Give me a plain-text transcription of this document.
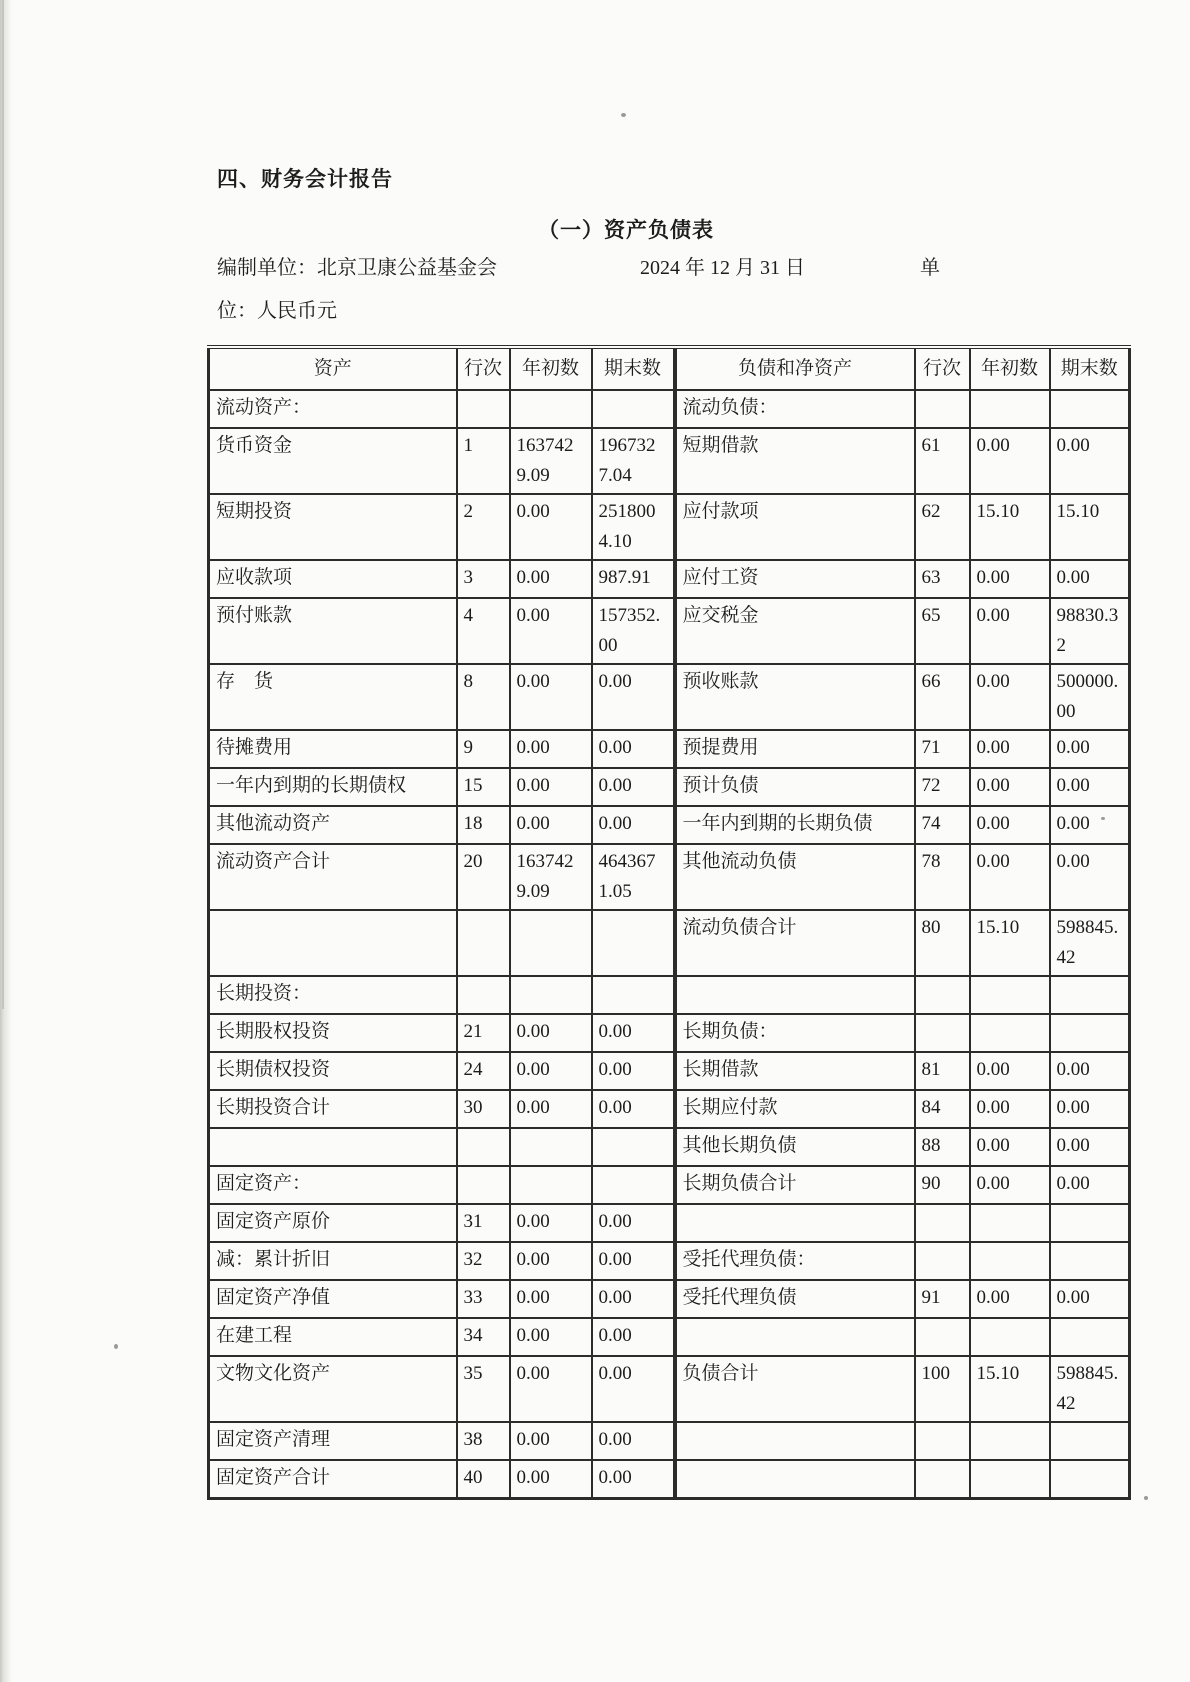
四、财务会计报告
（一）资产负债表
编制单位：北京卫康公益基金会	2024 年 12 月 31 日	单
位：人民币元
资产	行次	年初数	期末数	负债和净资产	行次	年初数	期末数
流动资产：				流动负债：			
货币资金	1	1637429.09	1967327.04	短期借款	61	0.00	0.00
短期投资	2	0.00	2518004.10	应付款项	62	15.10	15.10
应收款项	3	0.00	987.91	应付工资	63	0.00	0.00
预付账款	4	0.00	157352.00	应交税金	65	0.00	98830.32
存　货	8	0.00	0.00	预收账款	66	0.00	500000.00
待摊费用	9	0.00	0.00	预提费用	71	0.00	0.00
一年内到期的长期债权	15	0.00	0.00	预计负债	72	0.00	0.00
其他流动资产	18	0.00	0.00	一年内到期的长期负债	74	0.00	0.00
流动资产合计	20	1637429.09	4643671.05	其他流动负债	78	0.00	0.00
				流动负债合计	80	15.10	598845.42
长期投资：							
长期股权投资	21	0.00	0.00	长期负债：			
长期债权投资	24	0.00	0.00	长期借款	81	0.00	0.00
长期投资合计	30	0.00	0.00	长期应付款	84	0.00	0.00
				其他长期负债	88	0.00	0.00
固定资产：				长期负债合计	90	0.00	0.00
固定资产原价	31	0.00	0.00				
减：累计折旧	32	0.00	0.00	受托代理负债：			
固定资产净值	33	0.00	0.00	受托代理负债	91	0.00	0.00
在建工程	34	0.00	0.00				
文物文化资产	35	0.00	0.00	负债合计	100	15.10	598845.42
固定资产清理	38	0.00	0.00				
固定资产合计	40	0.00	0.00				
